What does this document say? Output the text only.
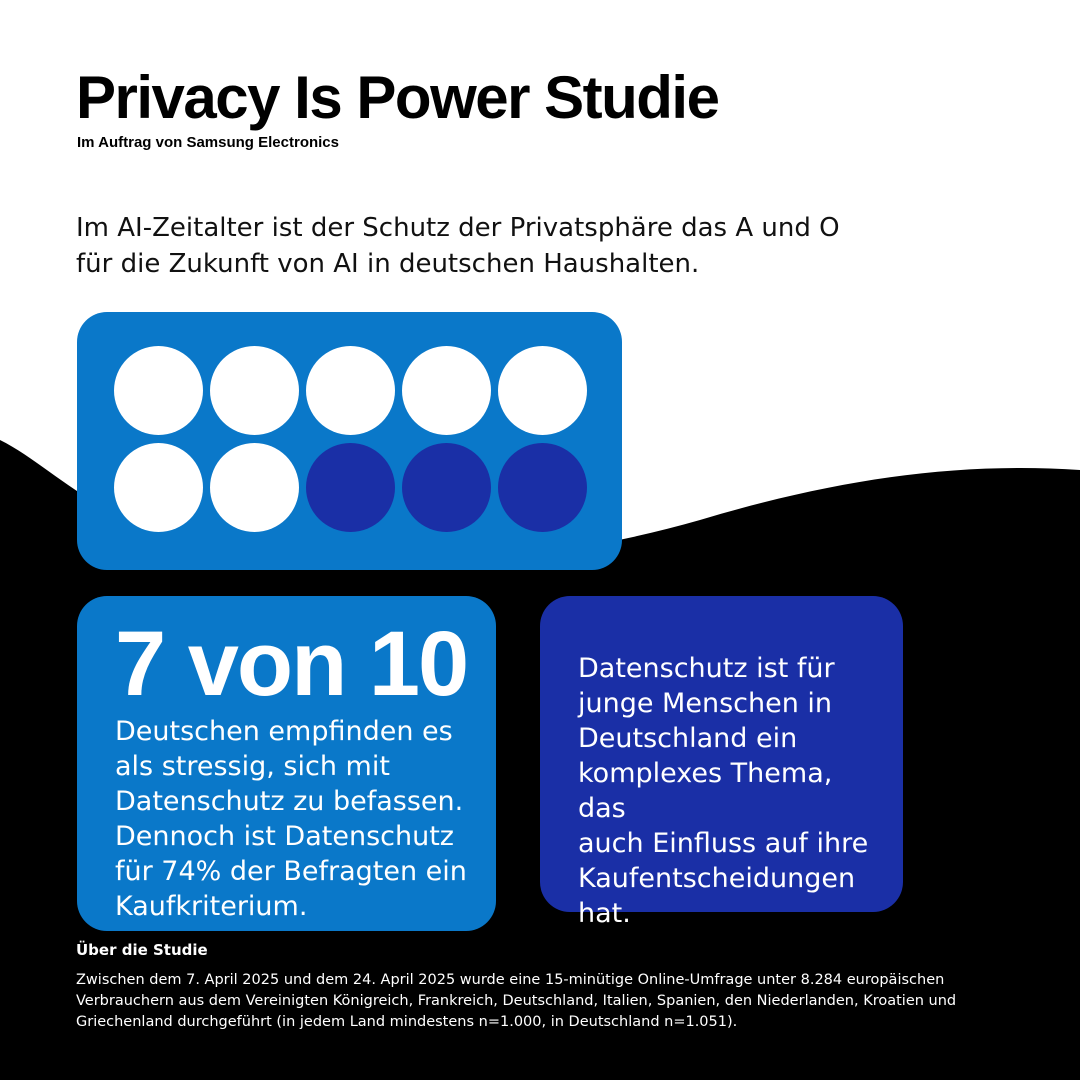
Privacy Is Power Studie
Im Auftrag von Samsung Electronics
Im AI-Zeitalter ist der Schutz der Privatsphäre das A und O
für die Zukunft von AI in deutschen Haushalten.
7 von 10
Deutschen empfinden es
als stressig, sich mit
Datenschutz zu befassen.
Dennoch ist Datenschutz
für 74% der Befragten ein
Kaufkriterium.
Datenschutz ist für
junge Menschen in
Deutschland ein
komplexes Thema, das
auch Einfluss auf ihre
Kaufentscheidungen
hat.
Über die Studie
Zwischen dem 7. April 2025 und dem 24. April 2025 wurde eine 15-minütige Online-Umfrage unter 8.284 europäischen
Verbrauchern aus dem Vereinigten Königreich, Frankreich, Deutschland, Italien, Spanien, den Niederlanden, Kroatien und
Griechenland durchgeführt (in jedem Land mindestens n=1.000, in Deutschland n=1.051).
